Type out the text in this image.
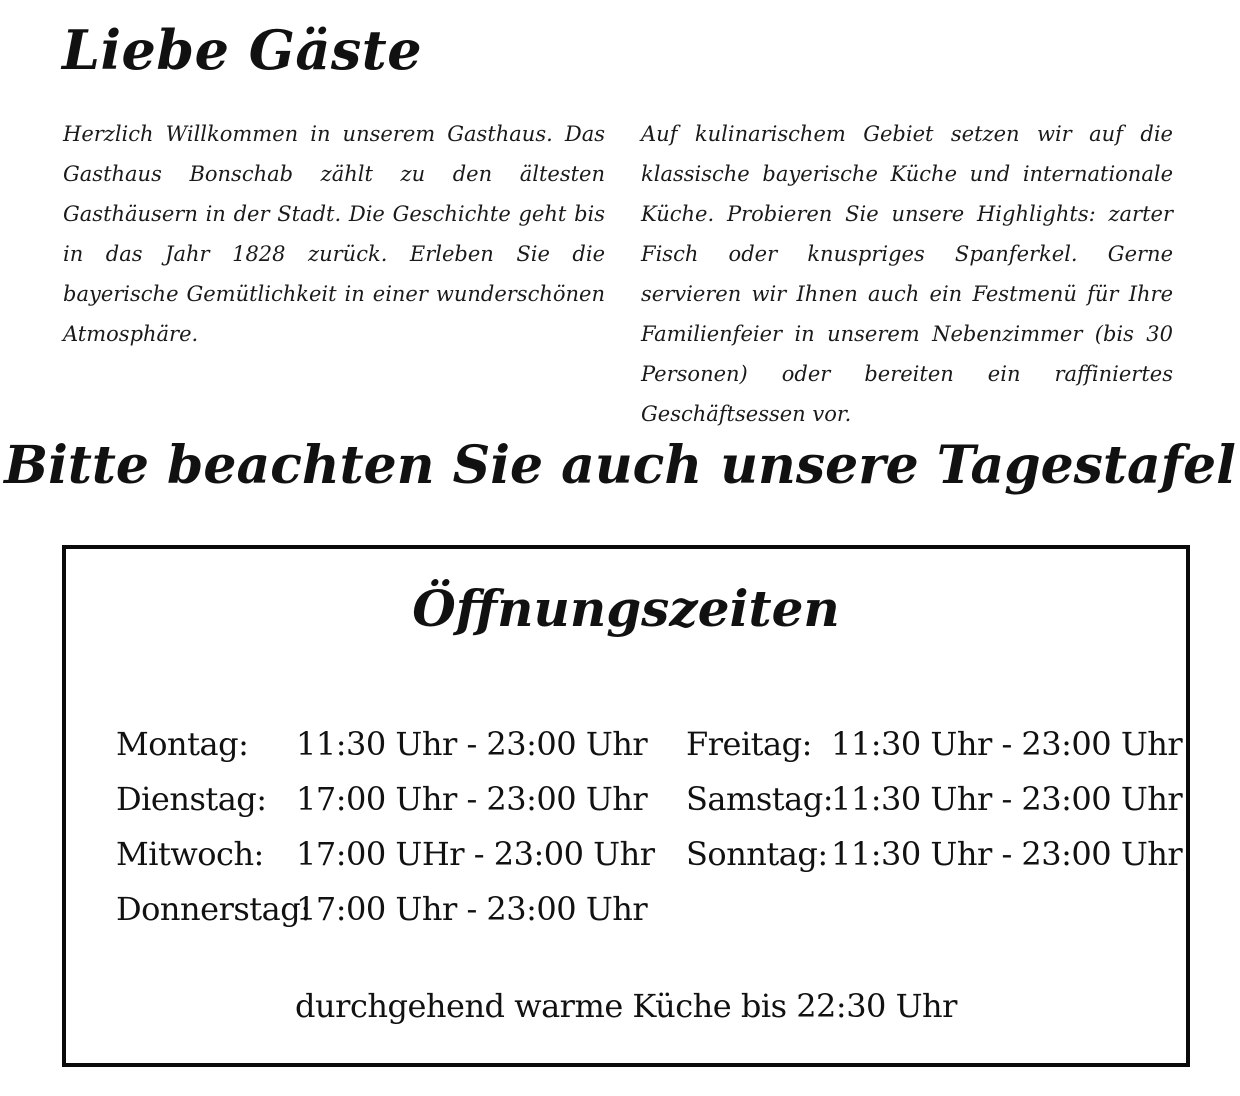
Liebe Gäste

Herzlich Willkommen in unserem Gasthaus. Das Gasthaus Bonschab zählt zu den ältesten Gasthäusern in der Stadt. Die Geschichte geht bis in das Jahr 1828 zurück. Erleben Sie die bayerische Gemütlichkeit in einer wunderschönen Atmosphäre.

Auf kulinarischem Gebiet setzen wir auf die klassische bayerische Küche und internationale Küche. Probieren Sie unsere Highlights: zarter Fisch oder knuspriges Spanferkel. Gerne servieren wir Ihnen auch ein Festmenü für Ihre Familienfeier in unserem Nebenzimmer (bis 30 Personen) oder bereiten ein raffiniertes Geschäftsessen vor.

Bitte beachten Sie auch unsere Tagestafel
Öffnungszeiten
Montag: 11:30 Uhr - 23:00 Uhr
Dienstag: 17:00 Uhr - 23:00 Uhr
Mitwoch: 17:00 UHr - 23:00 Uhr
Donnerstag:17:00 Uhr - 23:00 Uhr
Freitag: 11:30 Uhr - 23:00 Uhr
Samstag:11:30 Uhr - 23:00 Uhr
Sonntag: 11:30 Uhr - 23:00 Uhr

durchgehend warme Küche bis 22:30 Uhr
